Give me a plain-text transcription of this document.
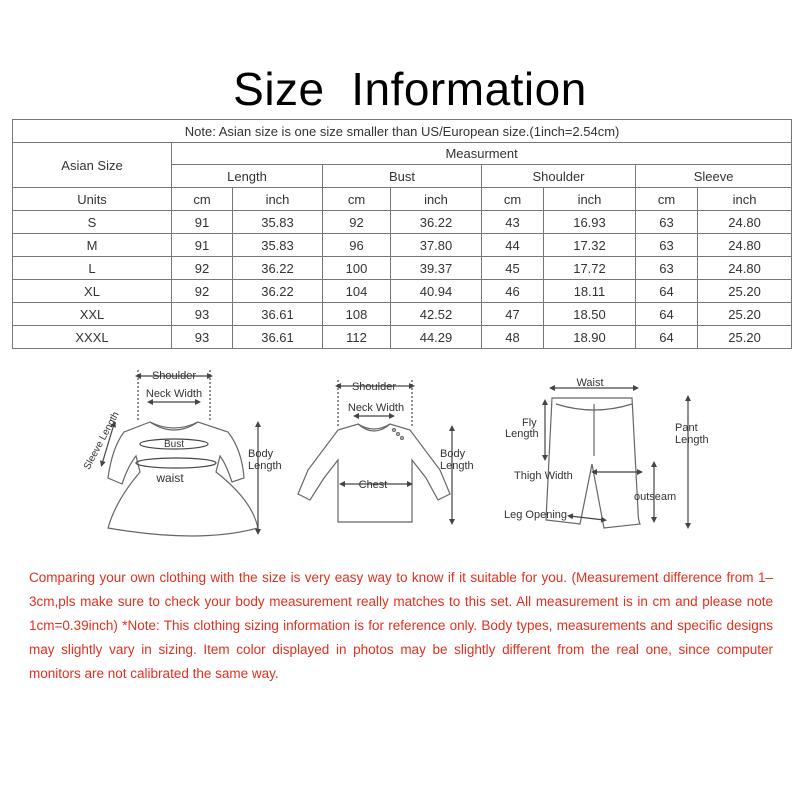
Size  Information
Note: Asian size is one size smaller than US/European size.(1inch=2.54cm)								
Asian Size	Measurment							
	Length		Bust		Shoulder		Sleeve	
Units	cm	inch	cm	inch	cm	inch	cm	inch
S	91	35.83	92	36.22	43	16.93	63	24.80
M	91	35.83	96	37.80	44	17.32	63	24.80
L	92	36.22	100	39.37	45	17.72	63	24.80
XL	92	36.22	104	40.94	46	18.11	64	25.20
XXL	93	36.61	108	42.52	47	18.50	64	25.20
XXXL	93	36.61	112	44.29	48	18.90	64	25.20
Shoulder
Neck Width
Sleeve Length	Bust
waist
Body
Length
Shoulder
Neck Width
Chest
Body
Length
Waist
Fly
Length	Pant
Length
Thigh Width
outseam
Leg Opening
Comparing your own clothing with the size is very easy way to know if it suitable for you. (Measurement difference from 1– 3cm,pls make sure to check your body measurement really matches to this set. All measurement is in cm and please note 1cm=0.39inch) *Note: This clothing sizing information is for reference only. Body types, measurements and specific designs may slightly vary in sizing. Item color displayed in photos may be slightly different from the real one, since computer monitors are not calibrated the same way.
